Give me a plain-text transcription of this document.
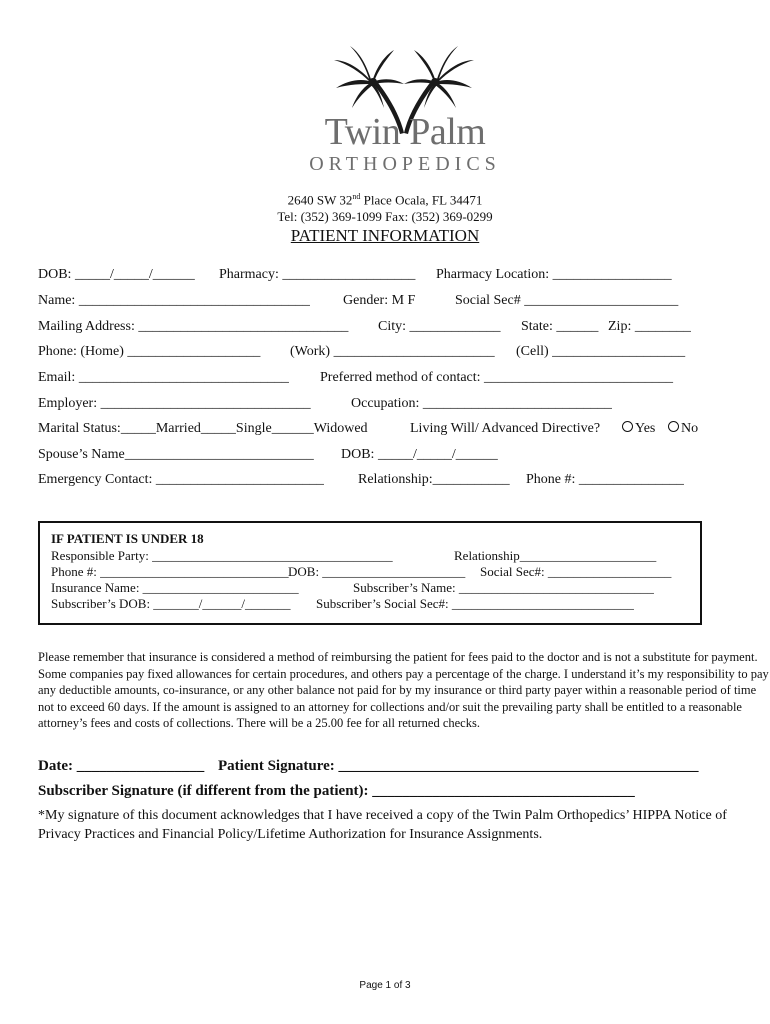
Twin Palm
ORTHOPEDICS
2640 SW 32nd Place Ocala, FL 34471
Tel: (352) 369-1099 Fax: (352) 369-0299
PATIENT INFORMATION
DOB: _____/_____/______ Pharmacy: ___________________ Pharmacy Location: _________________
Name: _________________________________ Gender: M F	Social Sec# ______________________
Mailing Address: ______________________________ City: _____________ State: ______ Zip: ________
Phone: (Home) ___________________ (Work) _______________________ (Cell) ___________________
Email: ______________________________ Preferred method of contact: ___________________________
Employer: ______________________________	Occupation: ___________________________
Marital Status:_____Married_____Single______Widowed	Living Will/ Advanced Directive?	Yes	No
Spouse’s Name___________________________ DOB: _____/_____/______
Emergency Contact: ________________________ Relationship:___________ Phone #: _______________
IF PATIENT IS UNDER 18
Responsible Party: _____________________________________	Relationship_____________________
Phone #: _____________________________ DOB: ______________________ Social Sec#: ___________________
Insurance Name: ________________________	Subscriber’s Name: ______________________________
Subscriber’s DOB: _______/______/_______ Subscriber’s Social Sec#: ____________________________
Please remember that insurance is considered a method of reimbursing the patient for fees paid to the doctor and is not a substitute for payment. Some companies pay fixed allowances for certain procedures, and others pay a percentage of the charge. I understand it’s my responsibility to pay any deductible amounts, co-insurance, or any other balance not paid for by my insurance or third party payer within a reasonable period of time not to exceed 60 days. If the amount is assigned to an attorney for collections and/or suit the prevailing party shall be entitled to a reasonable attorney’s fees and costs of collections. There will be a 25.00 fee for all returned checks.
Date: _________________ Patient Signature: ________________________________________________
Subscriber Signature (if different from the patient): ___________________________________
*My signature of this document acknowledges that I have received a copy of the Twin Palm Orthopedics’ HIPPA Notice of Privacy Practices and Financial Policy/Lifetime Authorization for Insurance Assignments.
Page 1 of 3
